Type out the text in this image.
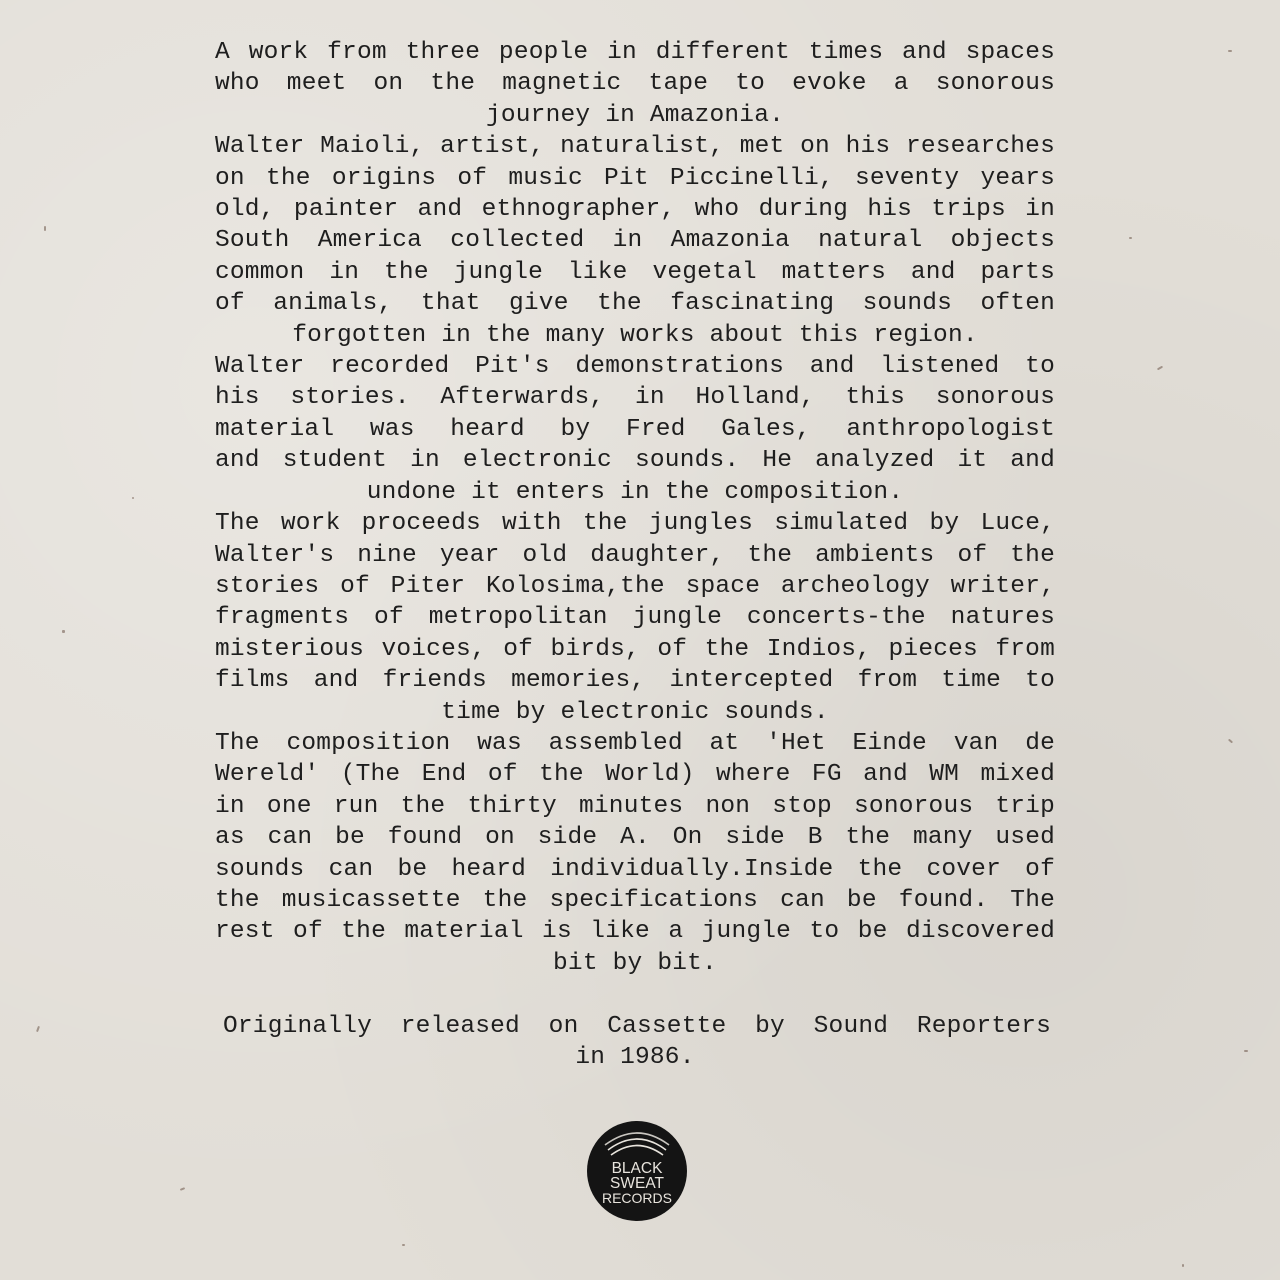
A work from three people in different times and spaces
who meet on the magnetic tape to evoke a sonorous
journey in Amazonia.
Walter Maioli, artist, naturalist, met on his researches
on the origins of music Pit Piccinelli, seventy years
old, painter and ethnographer, who during his trips in
South America collected in Amazonia natural objects
common in the jungle like vegetal matters and parts
of animals, that give the fascinating sounds often
forgotten in the many works about this region.
Walter recorded Pit's demonstrations and listened to
his stories. Afterwards, in Holland, this sonorous
material was heard by Fred Gales, anthropologist
and student in electronic sounds. He analyzed it and
undone it enters in the composition.
The work proceeds with the jungles simulated by Luce,
Walter's nine year old daughter, the ambients of the
stories of Piter Kolosima,the space archeology writer,
fragments of metropolitan jungle concerts-the natures
misterious voices, of birds, of the Indios, pieces from
films and friends memories, intercepted from time to
time by electronic sounds.
The composition was assembled at 'Het Einde van de
Wereld' (The End of the World) where FG and WM mixed
in one run the thirty minutes non stop sonorous trip
as can be found on side A. On side B the many used
sounds can be heard individually.Inside the cover of
the musicassette the specifications can be found. The
rest of the material is like a jungle to be discovered
bit by bit.
Originally released on Cassette by Sound Reporters
in 1986.
BLACK
SWEAT
RECORDS
